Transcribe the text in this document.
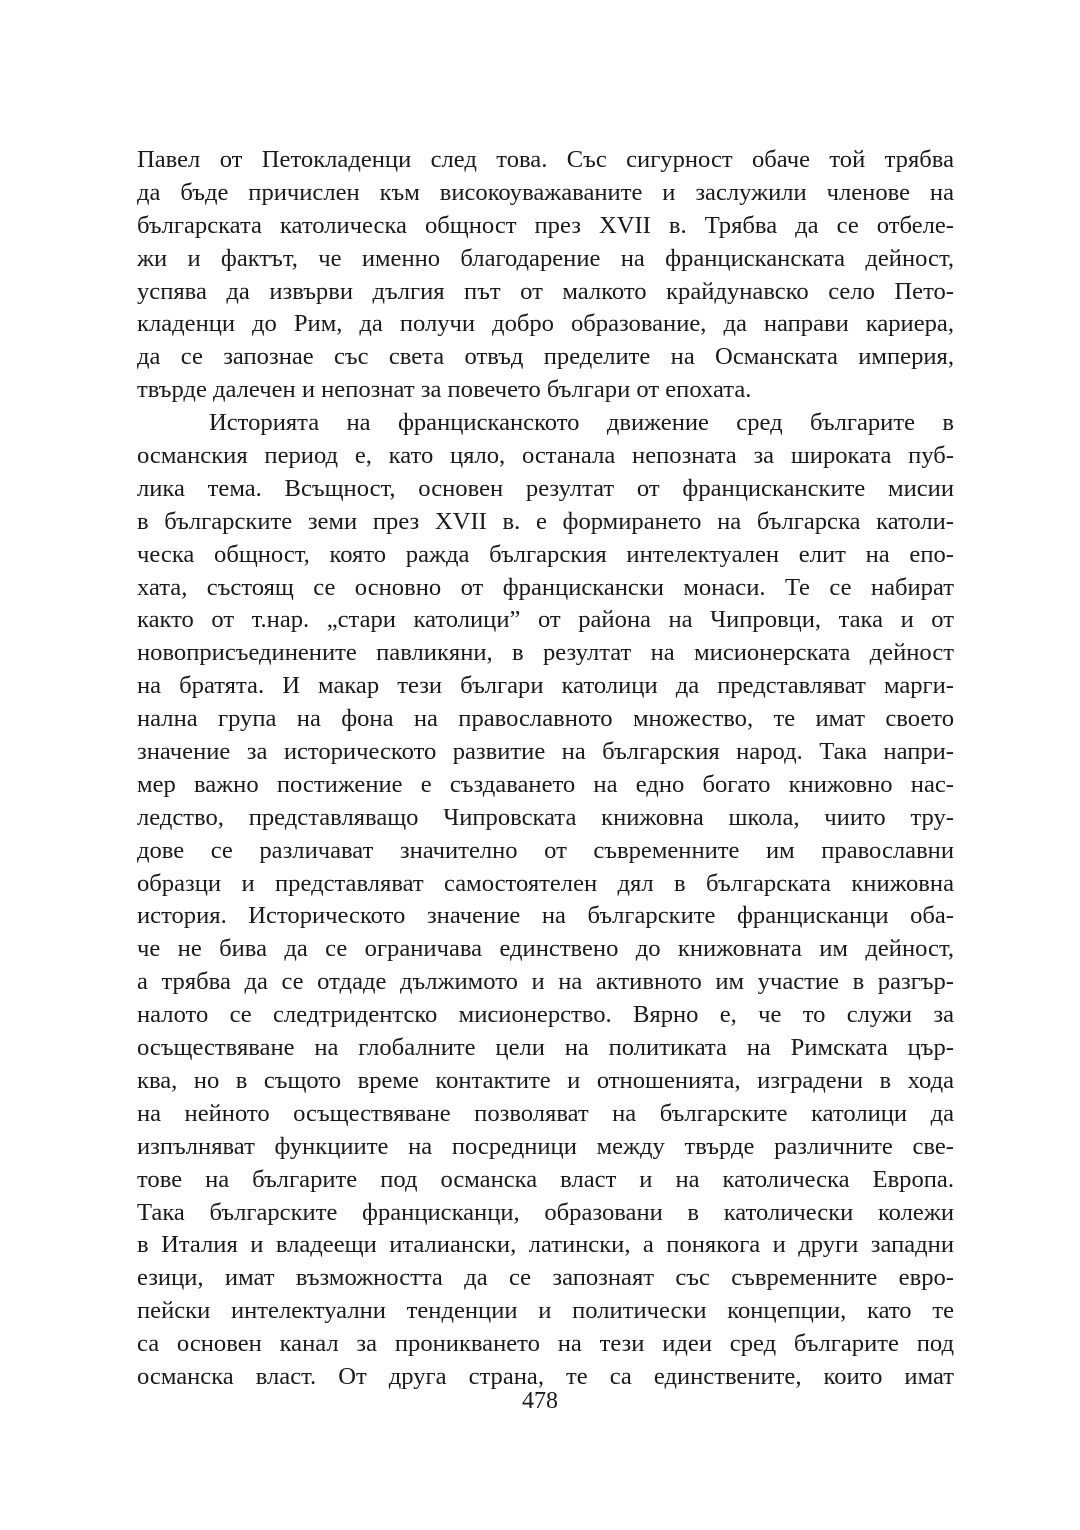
Павел от Петокладенци след това. Със сигурност обаче той трябва
да бъде причислен към високоуважаваните и заслужили членове на
българската католическа общност през XVII в. Трябва да се отбеле-
жи и фактът, че именно благодарение на францисканската дейност,
успява да извърви дългия път от малкото крайдунавско село Пето-
кладенци до Рим, да получи добро образование, да направи кариера,
да се запознае със света отвъд пределите на Османската империя,
твърде далечен и непознат за повечето българи от епохата.
Историята на францисканското движение сред българите в
османския период е, като цяло, останала непозната за широката пуб-
лика тема. Всъщност, основен резултат от францисканските мисии
в българските земи през XVII в. е формирането на българска католи-
ческа общност, която ражда българския интелектуален елит на епо-
хата, състоящ се основно от францискански монаси. Те се набират
както от т.нар. „стари католици” от района на Чипровци, така и от
новоприсъединените павликяни, в резултат на мисионерската дейност
на братята. И макар тези българи католици да представляват марги-
нална група на фона на православното множество, те имат своето
значение за историческото развитие на българския народ. Така напри-
мер важно постижение е създаването на едно богато книжовно нас-
ледство, представляващо Чипровската книжовна школа, чиито тру-
дове се различават значително от съвременните им православни
образци и представляват самостоятелен дял в българската книжовна
история. Историческото значение на българските францисканци оба-
че не бива да се ограничава единствено до книжовната им дейност,
а трябва да се отдаде дължимото и на активното им участие в разгър-
налото се следтридентско мисионерство. Вярно е, че то служи за
осъществяване на глобалните цели на политиката на Римската цър-
ква, но в същото време контактите и отношенията, изградени в хода
на нейното осъществяване позволяват на българските католици да
изпълняват функциите на посредници между твърде различните све-
тове на българите под османска власт и на католическа Европа.
Така българските францисканци, образовани в католически колежи
в Италия и владеещи италиански, латински, а понякога и други западни
езици, имат възможността да се запознаят със съвременните евро-
пейски интелектуални тенденции и политически концепции, като те
са основен канал за проникването на тези идеи сред българите под
османска власт. От друга страна, те са единствените, които имат
478
